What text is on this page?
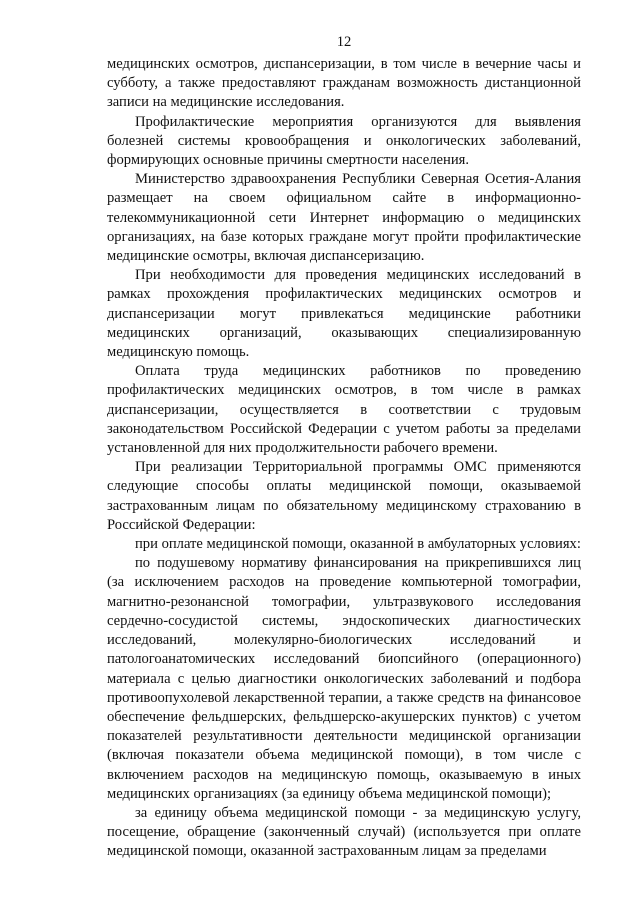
12

медицинских осмотров, диспансеризации, в том числе в вечерние часы и субботу, а также предоставляют гражданам возможность дистанционной записи на медицинские исследования.

Профилактические мероприятия организуются для выявления болезней системы кровообращения и онкологических заболеваний, формирующих основные причины смертности населения.

Министерство здравоохранения Республики Северная Осетия-Алания размещает на своем официальном сайте в информационно-телекоммуникационной сети Интернет информацию о медицинских организациях, на базе которых граждане могут пройти профилактические медицинские осмотры, включая диспансеризацию.

При необходимости для проведения медицинских исследований в рамках прохождения профилактических медицинских осмотров и диспансеризации могут привлекаться медицинские работники медицинских организаций, оказывающих специализированную медицинскую помощь.

Оплата труда медицинских работников по проведению профилактических медицинских осмотров, в том числе в рамках диспансеризации, осуществляется в соответствии с трудовым законодательством Российской Федерации с учетом работы за пределами установленной для них продолжительности рабочего времени.

При реализации Территориальной программы ОМС применяются следующие способы оплаты медицинской помощи, оказываемой застрахованным лицам по обязательному медицинскому страхованию в Российской Федерации:

при оплате медицинской помощи, оказанной в амбулаторных условиях:

по подушевому нормативу финансирования на прикрепившихся лиц (за исключением расходов на проведение компьютерной томографии, магнитно-резонансной томографии, ультразвукового исследования сердечно-сосудистой системы, эндоскопических диагностических исследований, молекулярно-биологических исследований и патологоанатомических исследований биопсийного (операционного) материала с целью диагностики онкологических заболеваний и подбора противоопухолевой лекарственной терапии, а также средств на финансовое обеспечение фельдшерских, фельдшерско-акушерских пунктов) с учетом показателей результативности деятельности медицинской организации (включая показатели объема медицинской помощи), в том числе с включением расходов на медицинскую помощь, оказываемую в иных медицинских организациях (за единицу объема медицинской помощи);

за единицу объема медицинской помощи - за медицинскую услугу, посещение, обращение (законченный случай) (используется при оплате медицинской помощи, оказанной застрахованным лицам за пределами
